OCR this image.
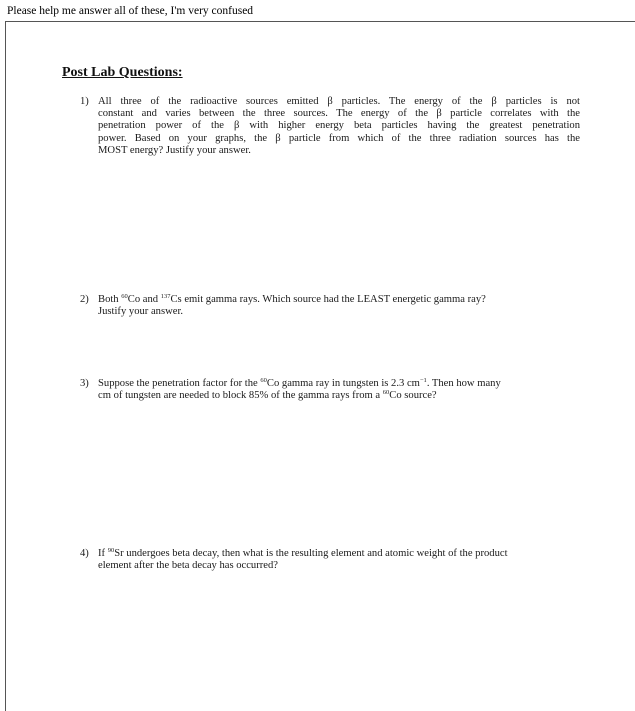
Please help me answer all of these, I'm very confused
Post Lab Questions:
1) All three of the radioactive sources emitted β particles. The energy of the β particles is not
constant and varies between the three sources. The energy of the β particle correlates with the
penetration power of the β with higher energy beta particles having the greatest penetration
power. Based on your graphs, the β particle from which of the three radiation sources has the
MOST energy? Justify your answer.
2) Both $^{60}$Co and $^{137}$Cs emit gamma rays. Which source had the LEAST energetic gamma ray?
Justify your answer.
3) Suppose the penetration factor for the $^{60}$Co gamma ray in tungsten is 2.3 $cm^{-1}$. Then how many
cm of tungsten are needed to block 85% of the gamma rays from a $^{60}$Co source?
4) If $^{90}$Sr undergoes beta decay, then what is the resulting element and atomic weight of the product
element after the beta decay has occurred?
